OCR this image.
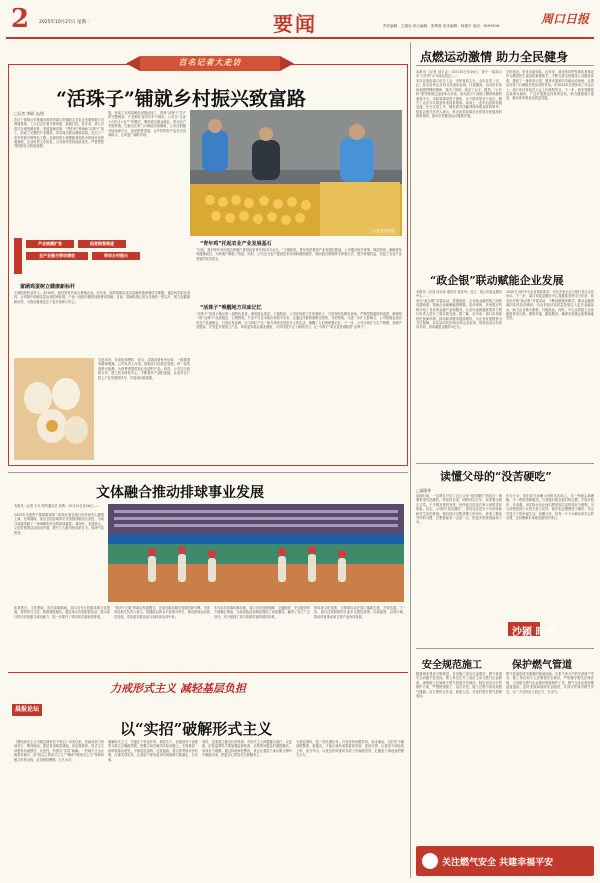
2 2025年10月27日 星期一	要闻	责任编辑：王瑞岩 执行编辑：张利莉 美术编辑：杨德宇 电话：6199516	周口日报
百名记者大走访
“活珠子”铺就乡村振兴致富路
□记者 李硕 文/图
在位于淮阳区朱集镇闫堆村的周口市朝阳生态农业发展有限公司养殖基地，工人们正忙着分拣鸡蛋、装箱打包。近年来，该公司依托当地资源优势，发展富硒鸡蛋、“青年鸡”养殖和“活珠子”加工，形成了完整的产业链条，带动周边群众增收致富，走出了一条乡村振兴的特色之路。从最初的小规模散养到如今的现代化养殖基地，企业负责人介绍说，公司始终坚持品质优先，严格把控饲料配比与防疫流程。
展，形成了从鸡苗孵化到蛋品加工、再到“活珠子”生产的完整链条，产品销往省内外多个城市。公司以“企业+合作社+农户”的模式，吸纳周边群众就业，带动农户发展养殖，让群众在家门口就能实现增收。公司还积极对接电商平台，拓宽销售渠道，让乡村的好产品走出田间地头，走向更广阔的市场。
工人在分拣鸡蛋。
产业规模扩张	拓宽销售渠道
全产业链与带动增收	带动乡村振兴
富硒鸡蛋树立健康新标杆
王朝阳是转业军人，2016年，他回到家乡创办养殖企业。近年来，他带领团队攻克富硒鸡蛋养殖技术难题，通过科学配比饲料，让鸡蛋中的硒含量达到国家标准，产品一经推出便受到消费者青睐。目前，富硒鸡蛋已成为当地的一张名片，树立起健康新标杆，为群众餐桌送去了更多营养与安心。
走进鸡舍，自动化的喂料、饮水、清粪设备有序运转，一排排蛋鸡精神饱满。公司负责人介绍，基地实行标准化管理，每一枚鸡蛋都可追溯，为消费者提供放心优质的产品。同时，公司还与高校合作，建立技术研发中心，不断提升产品附加值，让更多农户搭上产业发展的快车，共同奔向致富路。
“青年鸡”托起农业产业发展基石
“目前，我们每年可向周边养殖户提供优质青年鸡10万余只。”王朝阳说，青年鸡是蛋鸡产业发展的基础，公司通过科学育雏、规范防疫，确保青年鸡健康成长，为养殖户降低了风险。同时，公司还为农户提供技术培训和跟踪服务，帮助他们掌握科学养殖方法，提升养殖效益，托起了农业产业发展的坚实基石。
“活珠子”唤醒地方风味记忆
“活珠子”是周口地区的一道特色美食，深受群众喜爱。王朝阳说，公司在传统工艺的基础上，引进现代化孵化设备，严格控制温度和湿度，确保每一枚“活珠子”品质稳定、口感鲜美。产品不仅在本地市场供不应求，还通过冷链物流销往郑州、开封等地。为进一步扩大影响力，公司积极参加各类农产品展销会，打造自有品牌，让“活珠子”这一地方风味走进更多人的生活，唤醒了人们的味蕾记忆。下一步，公司计划扩大生产规模，延伸产业链条，开发更多深加工产品，带动更多群众就业增收，为乡村振兴注入新的活力，让“小珠子”成为富民增收的“金珠子”。
点燃运动激情 助力全民健身
本报讯（记者 刘丰会）10月25日至26日，第十一届周口市“公仆杯”乒乓球比赛在……
本次比赛由周口市总工会、市体育局主办，全市各县（市、区）及市直单位共15支代表队参赛。比赛期间，运动员们发扬顽强拼搏的精神，赛出了风格、赛出了水平。据悉，“公仆杯”系列赛事已连续举办多届，成为展示干部职工精神风貌的重要平台。本届赛事设男子团体、女子团体等多个项目，吸引了众多乒乓球爱好者前来观赛。赛场上，选手们攻防转换迅速，比分交替上升，精彩的对决赢得现场观众阵阵掌声。组委会相关负责人表示，举办此类赛事旨在营造全民健身的浓厚氛围，推动全民健身运动蓬勃开展。
手的喜爱，带来全新体验。近年来，我市坚持把发展体育事业作为增进民生福祉的重要抓手，不断完善全民健身公共服务体系，建成了一批体育公园、健身步道和多功能运动场地，让群众在家门口就能享受运动的快乐。在2024年全国体育工作会议上，周口市体育局在大会上作典型发言。下一步，我市将继续以赛事为载体，广泛开展群众性体育活动，助力健康周口建设，推动体育事业高质量发展。
“政企银”联动赋能企业发展
本报讯（记者 何本寿 通讯员 蒋亚华）近日，周口市政金服务中心……
举办“政企银”对接活动，搭建政府、企业和金融机构之间的沟通桥梁，帮助企业破解融资难题。活动现场，多家银行机构介绍了各自的金融产品和服务，企业代表就融资需求与银行负责人进行了面对面交流。据了解，近年来，周口市持续优化营商环境，推动政务服务提质增效，为企业发展提供全方位保障。本次活动共有30余家企业参加，现场达成合作意向多项，意向融资金额约1亿元。
1000万元的中小企业贷款需求，另有多家企业与银行签订合作协议。下一步，周口市政金服务中心将继续发挥平台作用，常态化开展“政企银”对接活动，不断创新服务模式，推动金融资源向实体经济倾斜，为全市经济高质量发展注入更多金融活水，助力企业做大做强、行稳致远。同时，中心还将建立企业融资需求台账，精准对接、跟踪服务，确保各项惠企政策落地见效。
读懂父母的“没苦硬吃”
□邱勋华
前段时间，一位网友分享了自己父母“没苦硬吃”的经历：明明家里有洗碗机，却坚持手洗；明明可以打车，却非要走路去买菜。不少网友感同身受，纷纷留言讲述自家父母的类似故事。其实，父母的“没苦硬吃”，背后往往是对子女的体贴和对生活的珍惜。他们经历过物质匮乏的年代，养成了勤俭节约的习惯，总想着能省一点是一点，把更多的资源留给子女。
作为子女，我们应当读懂父母的良苦用心，多一些耐心和理解，少一些指责和抱怨。与其强行改变他们的习惯，不如多陪伴、多沟通，用实际行动让他们感受到生活的美好与便利。当父母感受到子女的关爱与支持，他们也会慢慢放下顾虑，学会享受当下的幸福生活。读懂父母，是每一个子女都应该学会的功课，这份理解本身就是最好的孝心。
沙颍 时评
文体融合推动排球事业发展
本报讯（记者 王永 特约通讯员 刘勇）10月24日至26日……
2025年全国男子排球联赛第二阶段比赛在周口市体育中心激情上演。比赛期间，来自全国各地的多支男排劲旅同台竞技，为周口球迷奉献了一场场精彩纷呈的排球盛宴。赛场外，非遗展示、文创市集等活动同步开展，吸引了大批市民前来打卡，现场气氛热烈。
体育搭台、文化唱戏。此次赛事期间，周口市充分挖掘本地文化资源，将体育与文化、旅游深度融合，通过举办各类配套活动，展示周口的历史底蕴与城市魅力，进一步提升了城市知名度和美誉度。
“体育+文旅”的融合发展模式，正成为推动城市发展的新引擎。市体育局相关负责人表示，将继续以高水平赛事为牵引，推动排球运动普及发展，带动更多群众参与到体育运动中来。
作为本次赛事的承办地，周口市在场馆保障、交通组织、安全服务等方面精心筹备，为参赛队伍和观众提供了优质服务，赢得了各方广泛好评，充分展现了周口热情好客的城市形象。
的体育文化氛围，让排球运动在周口落地生根、开花结果。下一步，周口还将积极申办更多全国性赛事，以赛促建、以赛兴城，推动体育事业和文旅产业协同发展。
力戒形式主义 减轻基层负担
晨报论坛
以“实招”破解形式主义
《整治形式主义为基层减负若干规定》印发以来，各地各部门持续发力、靶向施治，基层负担明显减轻。但也要看到，形式主义问题具有顽固性、反复性，仍需以“实招”破解。一些地方文山会海虽有减少，但“指尖上的形式主义”“调研中的形式主义”等新问题又时有出现，必须保持警惕、久久为功。
破解形式主义，关键在于转变作风、真抓实干。各级领导干部要带头树立正确政绩观，把精力用在解决实际问题上，多到基层一线听取群众意见，少搞层层加码、过度留痕。要完善考核评价机制，注重实绩实效，让基层干部有更多时间和精力抓落实、办实事。
同时，还要建立健全长效机制，对形式主义问题露头就打、反复抓。纪检监察机关要加强监督检查，对典型问题及时通报曝光，形成有力震慑。通过持续深化整治，真正让基层干部从繁文缛节中解脱出来，把更多心思放在为民服务上。
为基层减负，是一项长期任务。只有坚持问题导向、标本兼治，以钉钉子精神抓整改、促落实，才能让减负成果更加巩固、更加可感，让基层干部轻装上阵、担当作为，以优良作风推动各项工作落地见效，汇聚起干事创业的强大合力。
安全规范施工	保护燃气管道
随着城市建设不断推进，各类施工项目日益增多，燃气管道安全问题不容忽视。施工单位在开工前应主动与燃气企业联系，查明施工区域地下燃气管道分布情况，制定切实可行的保护方案，严禁野蛮施工、盲目开挖。施工过程中如发现燃气泄漏，应立即停止作业，疏散人员，并及时拨打燃气抢修电话。
燃气管道是城市重要的基础设施，关系千家万户的生命财产安全。施工单位和个人应增强安全意识，严格遵守相关法律法规，主动配合燃气企业做好管道保护工作。燃气企业也将加强巡查巡检，及时发现和消除安全隐患，共同守护城市燃气安全，让广大市民用上放心气、安全气。
关注燃气安全 共建幸福平安
